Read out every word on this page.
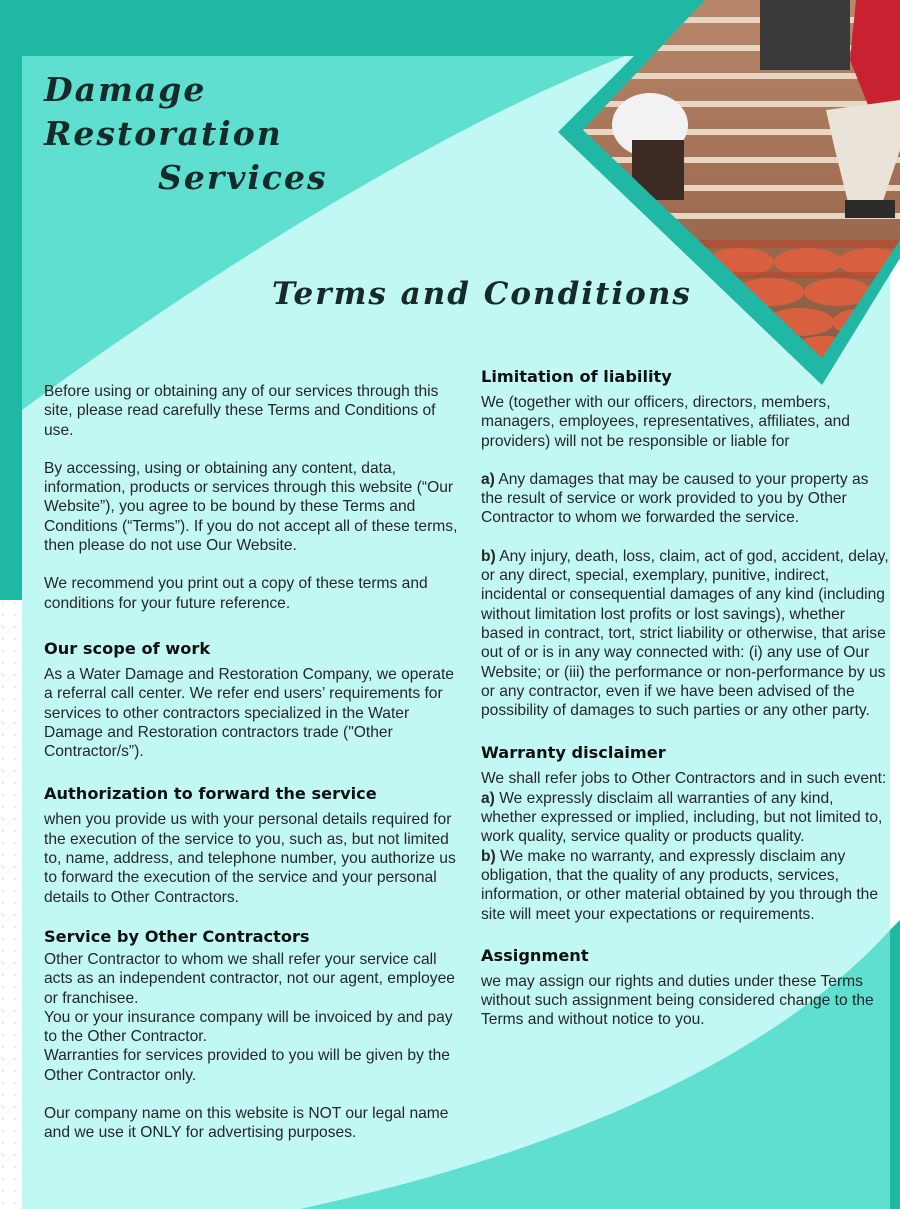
Damage Restoration
Services
Terms and Conditions

Before using or obtaining any of our services through this site, please read carefully these Terms and Conditions of use.

By accessing, using or obtaining any content, data, information, products or services through this website (“Our Website”), you agree to be bound by these Terms and Conditions (“Terms”). If you do not accept all of these terms, then please do not use Our Website.

We recommend you print out a copy of these terms and conditions for your future reference.

Our scope of work

As a Water Damage and Restoration Company, we operate a referral call center. We refer end users’ requirements for services to other contractors specialized in the Water Damage and Restoration contractors trade ("Other Contractor/s”).

Authorization to forward the service

when you provide us with your personal details required for the execution of the service to you, such as, but not limited to, name, address, and telephone number, you authorize us to forward the execution of the service and your personal details to Other Contractors.

Service by Other Contractors

Other Contractor to whom we shall refer your service call acts as an independent contractor, not our agent, employee or franchisee.

You or your insurance company will be invoiced by and pay to the Other Contractor.

Warranties for services provided to you will be given by the Other Contractor only.

Our company name on this website is NOT our legal name and we use it ONLY for advertising purposes.

Limitation of liability

We (together with our officers, directors, members, managers, employees, representatives, affiliates, and providers) will not be responsible or liable for

a) Any damages that may be caused to your property as the result of service or work provided to you by Other Contractor to whom we forwarded the service.

b) Any injury, death, loss, claim, act of god, accident, delay, or any direct, special, exemplary, punitive, indirect, incidental or consequential damages of any kind (including without limitation lost profits or lost savings), whether based in contract, tort, strict liability or otherwise, that arise out of or is in any way connected with: (i) any use of Our Website; or (iii) the performance or non-performance by us or any contractor, even if we have been advised of the possibility of damages to such parties or any other party.

Warranty disclaimer

We shall refer jobs to Other Contractors and in such event:

a) We expressly disclaim all warranties of any kind, whether expressed or implied, including, but not limited to, work quality, service quality or products quality.

b) We make no warranty, and expressly disclaim any obligation, that the quality of any products, services, information, or other material obtained by you through the site will meet your expectations or requirements.

Assignment

we may assign our rights and duties under these Terms without such assignment being considered change to the Terms and without notice to you.
